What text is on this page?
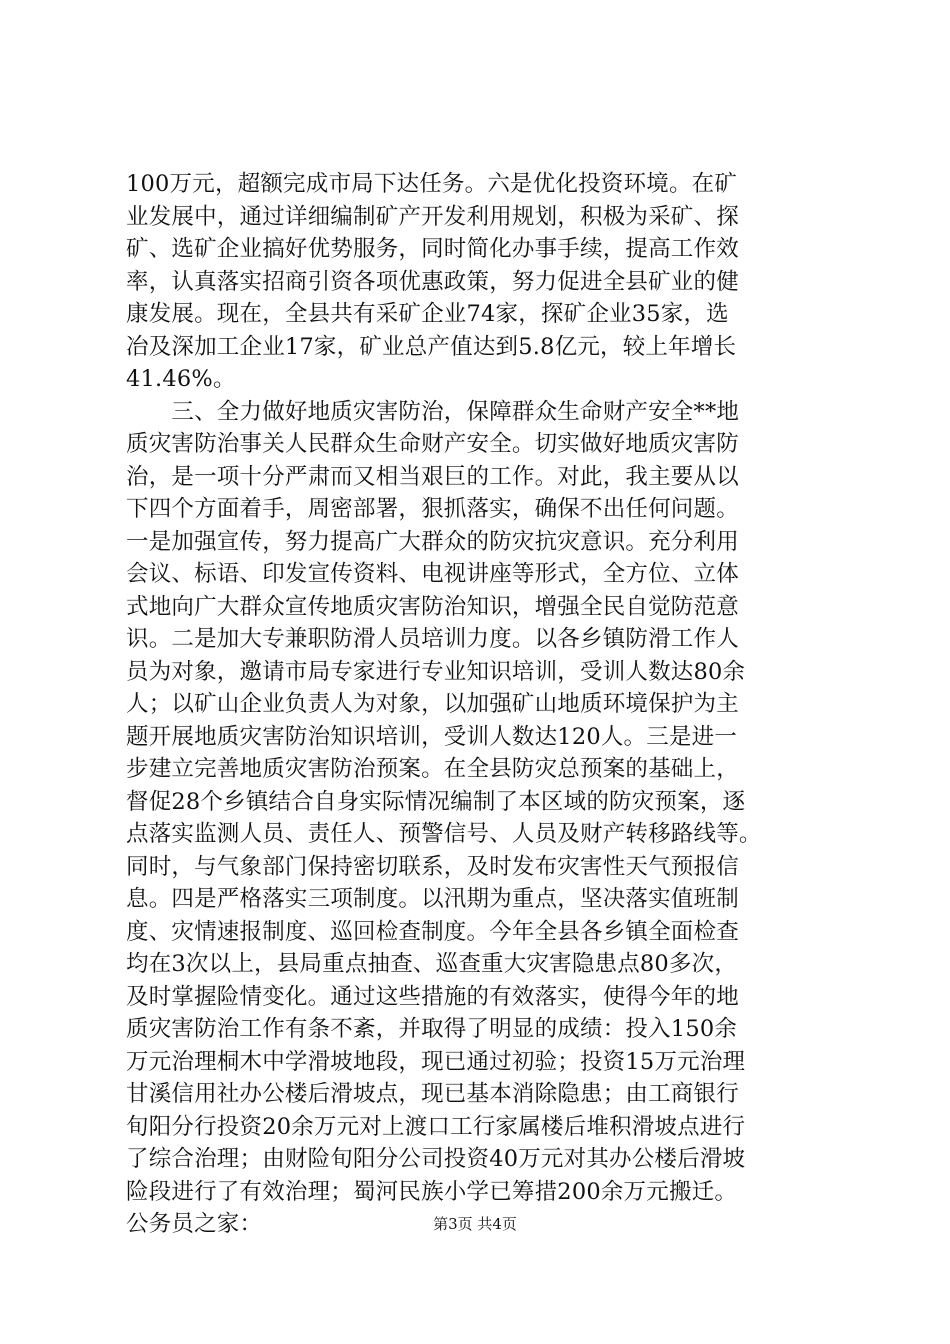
100万元，超额完成市局下达任务。六是优化投资环境。在矿
业发展中，通过详细编制矿产开发利用规划，积极为采矿、探
矿、选矿企业搞好优势服务，同时简化办事手续，提高工作效
率，认真落实招商引资各项优惠政策，努力促进全县矿业的健
康发展。现在，全县共有采矿企业74家，探矿企业35家，选
冶及深加工企业17家，矿业总产值达到5.8亿元，较上年增长
41.46%。
　　三、全力做好地质灾害防治，保障群众生命财产安全**地
质灾害防治事关人民群众生命财产安全。切实做好地质灾害防
治，是一项十分严肃而又相当艰巨的工作。对此，我主要从以
下四个方面着手，周密部署，狠抓落实，确保不出任何问题。
一是加强宣传，努力提高广大群众的防灾抗灾意识。充分利用
会议、标语、印发宣传资料、电视讲座等形式，全方位、立体
式地向广大群众宣传地质灾害防治知识，增强全民自觉防范意
识。二是加大专兼职防滑人员培训力度。以各乡镇防滑工作人
员为对象，邀请市局专家进行专业知识培训，受训人数达80余
人；以矿山企业负责人为对象，以加强矿山地质环境保护为主
题开展地质灾害防治知识培训，受训人数达120人。三是进一
步建立完善地质灾害防治预案。在全县防灾总预案的基础上，
督促28个乡镇结合自身实际情况编制了本区域的防灾预案，逐
点落实监测人员、责任人、预警信号、人员及财产转移路线等。
同时，与气象部门保持密切联系，及时发布灾害性天气预报信
息。四是严格落实三项制度。以汛期为重点，坚决落实值班制
度、灾情速报制度、巡回检查制度。今年全县各乡镇全面检查
均在3次以上，县局重点抽查、巡查重大灾害隐患点80多次，
及时掌握险情变化。通过这些措施的有效落实，使得今年的地
质灾害防治工作有条不紊，并取得了明显的成绩：投入150余
万元治理桐木中学滑坡地段，现已通过初验；投资15万元治理
甘溪信用社办公楼后滑坡点，现已基本消除隐患；由工商银行
旬阳分行投资20余万元对上渡口工行家属楼后堆积滑坡点进行
了综合治理；由财险旬阳分公司投资40万元对其办公楼后滑坡
险段进行了有效治理；蜀河民族小学已筹措200余万元搬迁。
公务员之家：	第3页 共4页
